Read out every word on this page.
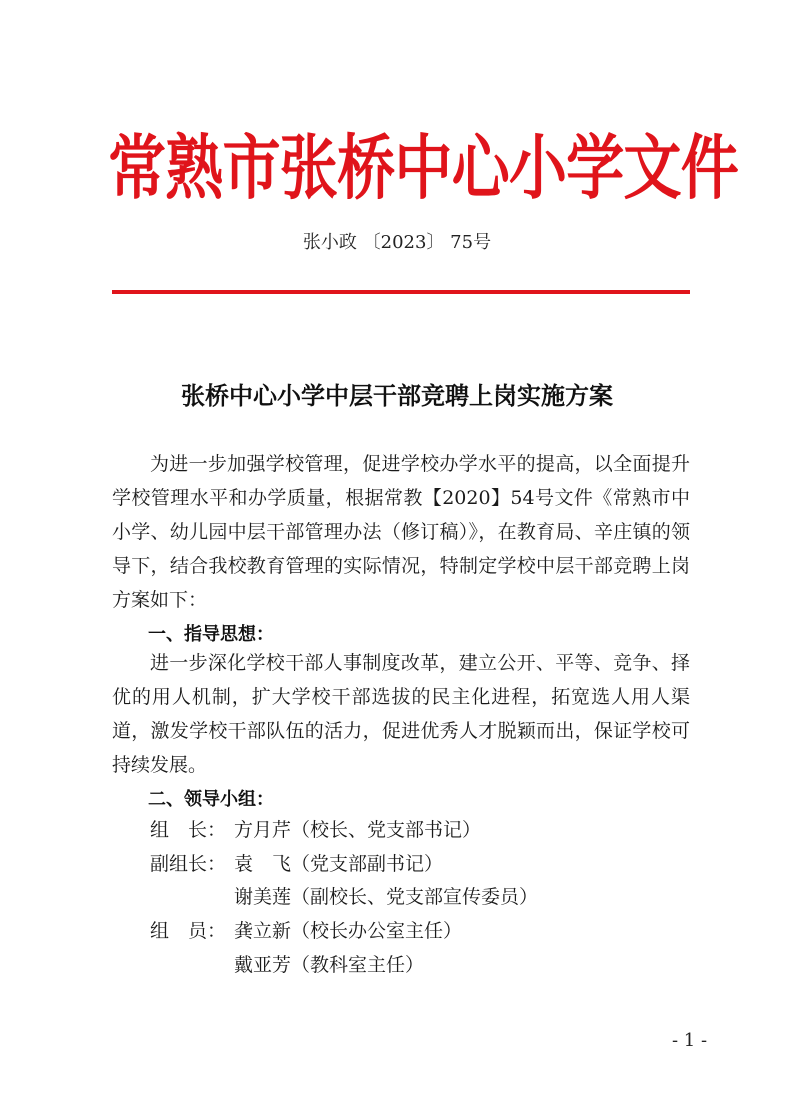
常熟市张桥中心小学文件
张小政 〔2023〕 75号
张桥中心小学中层干部竞聘上岗实施方案
为进一步加强学校管理，促进学校办学水平的提高，以全面提升学校管理水平和办学质量，根据常教【2020】54号文件《常熟市中小学、幼儿园中层干部管理办法（修订稿）》，在教育局、辛庄镇的领导下，结合我校教育管理的实际情况，特制定学校中层干部竞聘上岗方案如下：
一、指导思想：
进一步深化学校干部人事制度改革，建立公开、平等、竞争、择优的用人机制，扩大学校干部选拔的民主化进程，拓宽选人用人渠道，激发学校干部队伍的活力，促进优秀人才脱颖而出，保证学校可持续发展。
二、领导小组：
组　长： 方月芹（校长、党支部书记）
副组长： 袁　飞（党支部副书记）
谢美莲（副校长、党支部宣传委员）
组　员： 龚立新（校长办公室主任）
戴亚芳（教科室主任）
- 1 -
